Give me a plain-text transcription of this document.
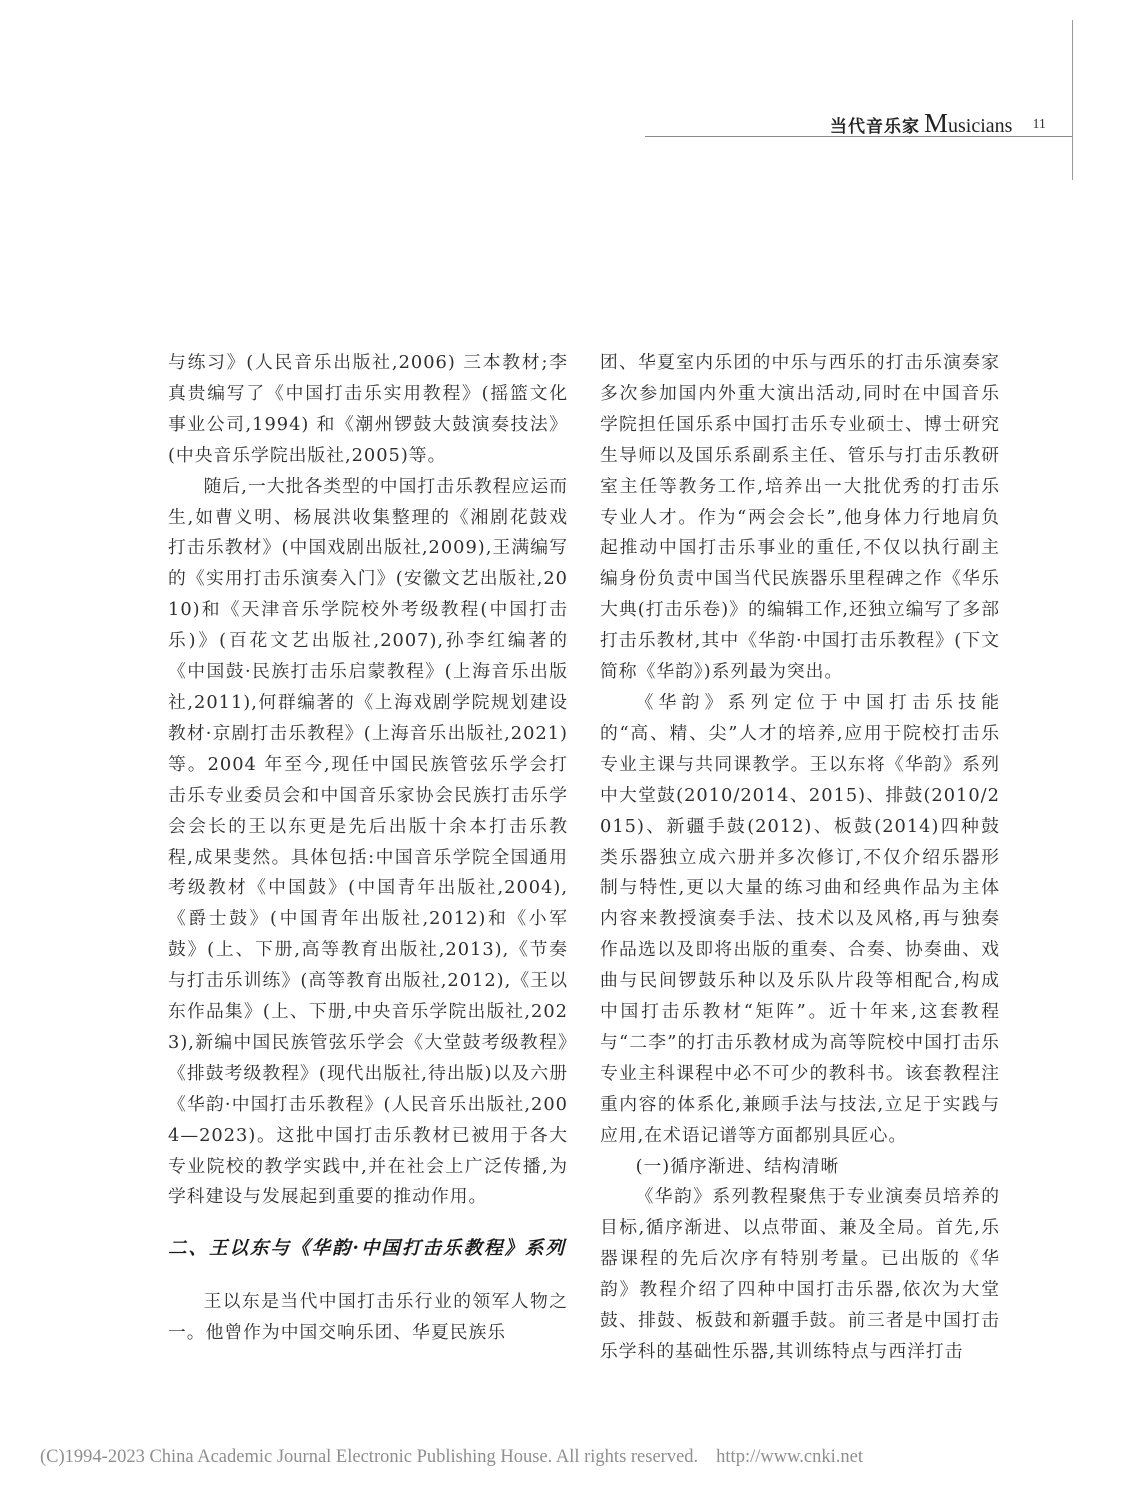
当代音乐家 Musicians 11

与练习》(人民音乐出版社,2006) 三本教材;李真贵编写了《中国打击乐实用教程》(摇篮文化事业公司,1994) 和《潮州锣鼓大鼓演奏技法》(中央音乐学院出版社,2005)等。

随后,一大批各类型的中国打击乐教程应运而生,如曹义明、杨展洪收集整理的《湘剧花鼓戏打击乐教材》(中国戏剧出版社,2009),王满编写的《实用打击乐演奏入门》(安徽文艺出版社,2010)和《天津音乐学院校外考级教程(中国打击乐)》(百花文艺出版社,2007),孙李红编著的《中国鼓·民族打击乐启蒙教程》(上海音乐出版社,2011),何群编著的《上海戏剧学院规划建设教材·京剧打击乐教程》(上海音乐出版社,2021)等。2004 年至今,现任中国民族管弦乐学会打击乐专业委员会和中国音乐家协会民族打击乐学会会长的王以东更是先后出版十余本打击乐教程,成果斐然。具体包括:中国音乐学院全国通用考级教材《中国鼓》(中国青年出版社,2004),《爵士鼓》(中国青年出版社,2012)和《小军鼓》(上、下册,高等教育出版社,2013),《节奏与打击乐训练》(高等教育出版社,2012),《王以东作品集》(上、下册,中央音乐学院出版社,2023),新编中国民族管弦乐学会《大堂鼓考级教程》《排鼓考级教程》(现代出版社,待出版)以及六册《华韵·中国打击乐教程》(人民音乐出版社,2004—2023)。这批中国打击乐教材已被用于各大专业院校的教学实践中,并在社会上广泛传播,为学科建设与发展起到重要的推动作用。

二、王以东与《华韵·中国打击乐教程》系列

王以东是当代中国打击乐行业的领军人物之一。他曾作为中国交响乐团、华夏民族乐

团、华夏室内乐团的中乐与西乐的打击乐演奏家多次参加国内外重大演出活动,同时在中国音乐学院担任国乐系中国打击乐专业硕士、博士研究生导师以及国乐系副系主任、管乐与打击乐教研室主任等教务工作,培养出一大批优秀的打击乐专业人才。作为“两会会长”,他身体力行地肩负起推动中国打击乐事业的重任,不仅以执行副主编身份负责中国当代民族器乐里程碑之作《华乐大典(打击乐卷)》的编辑工作,还独立编写了多部打击乐教材,其中《华韵·中国打击乐教程》(下文简称《华韵》)系列最为突出。

《华韵》系列定位于中国打击乐技能的“高、精、尖”人才的培养,应用于院校打击乐专业主课与共同课教学。王以东将《华韵》系列中大堂鼓(2010/2014、2015)、排鼓(2010/2015)、新疆手鼓(2012)、板鼓(2014)四种鼓类乐器独立成六册并多次修订,不仅介绍乐器形制与特性,更以大量的练习曲和经典作品为主体内容来教授演奏手法、技术以及风格,再与独奏作品选以及即将出版的重奏、合奏、协奏曲、戏曲与民间锣鼓乐种以及乐队片段等相配合,构成中国打击乐教材“矩阵”。近十年来,这套教程与“二李”的打击乐教材成为高等院校中国打击乐专业主科课程中必不可少的教科书。该套教程注重内容的体系化,兼顾手法与技法,立足于实践与应用,在术语记谱等方面都别具匠心。

(一)循序渐进、结构清晰

《华韵》系列教程聚焦于专业演奏员培养的目标,循序渐进、以点带面、兼及全局。首先,乐器课程的先后次序有特别考量。已出版的《华韵》教程介绍了四种中国打击乐器,依次为大堂鼓、排鼓、板鼓和新疆手鼓。前三者是中国打击乐学科的基础性乐器,其训练特点与西洋打击

(C)1994-2023 China Academic Journal Electronic Publishing House. All rights reserved. http://www.cnki.net
